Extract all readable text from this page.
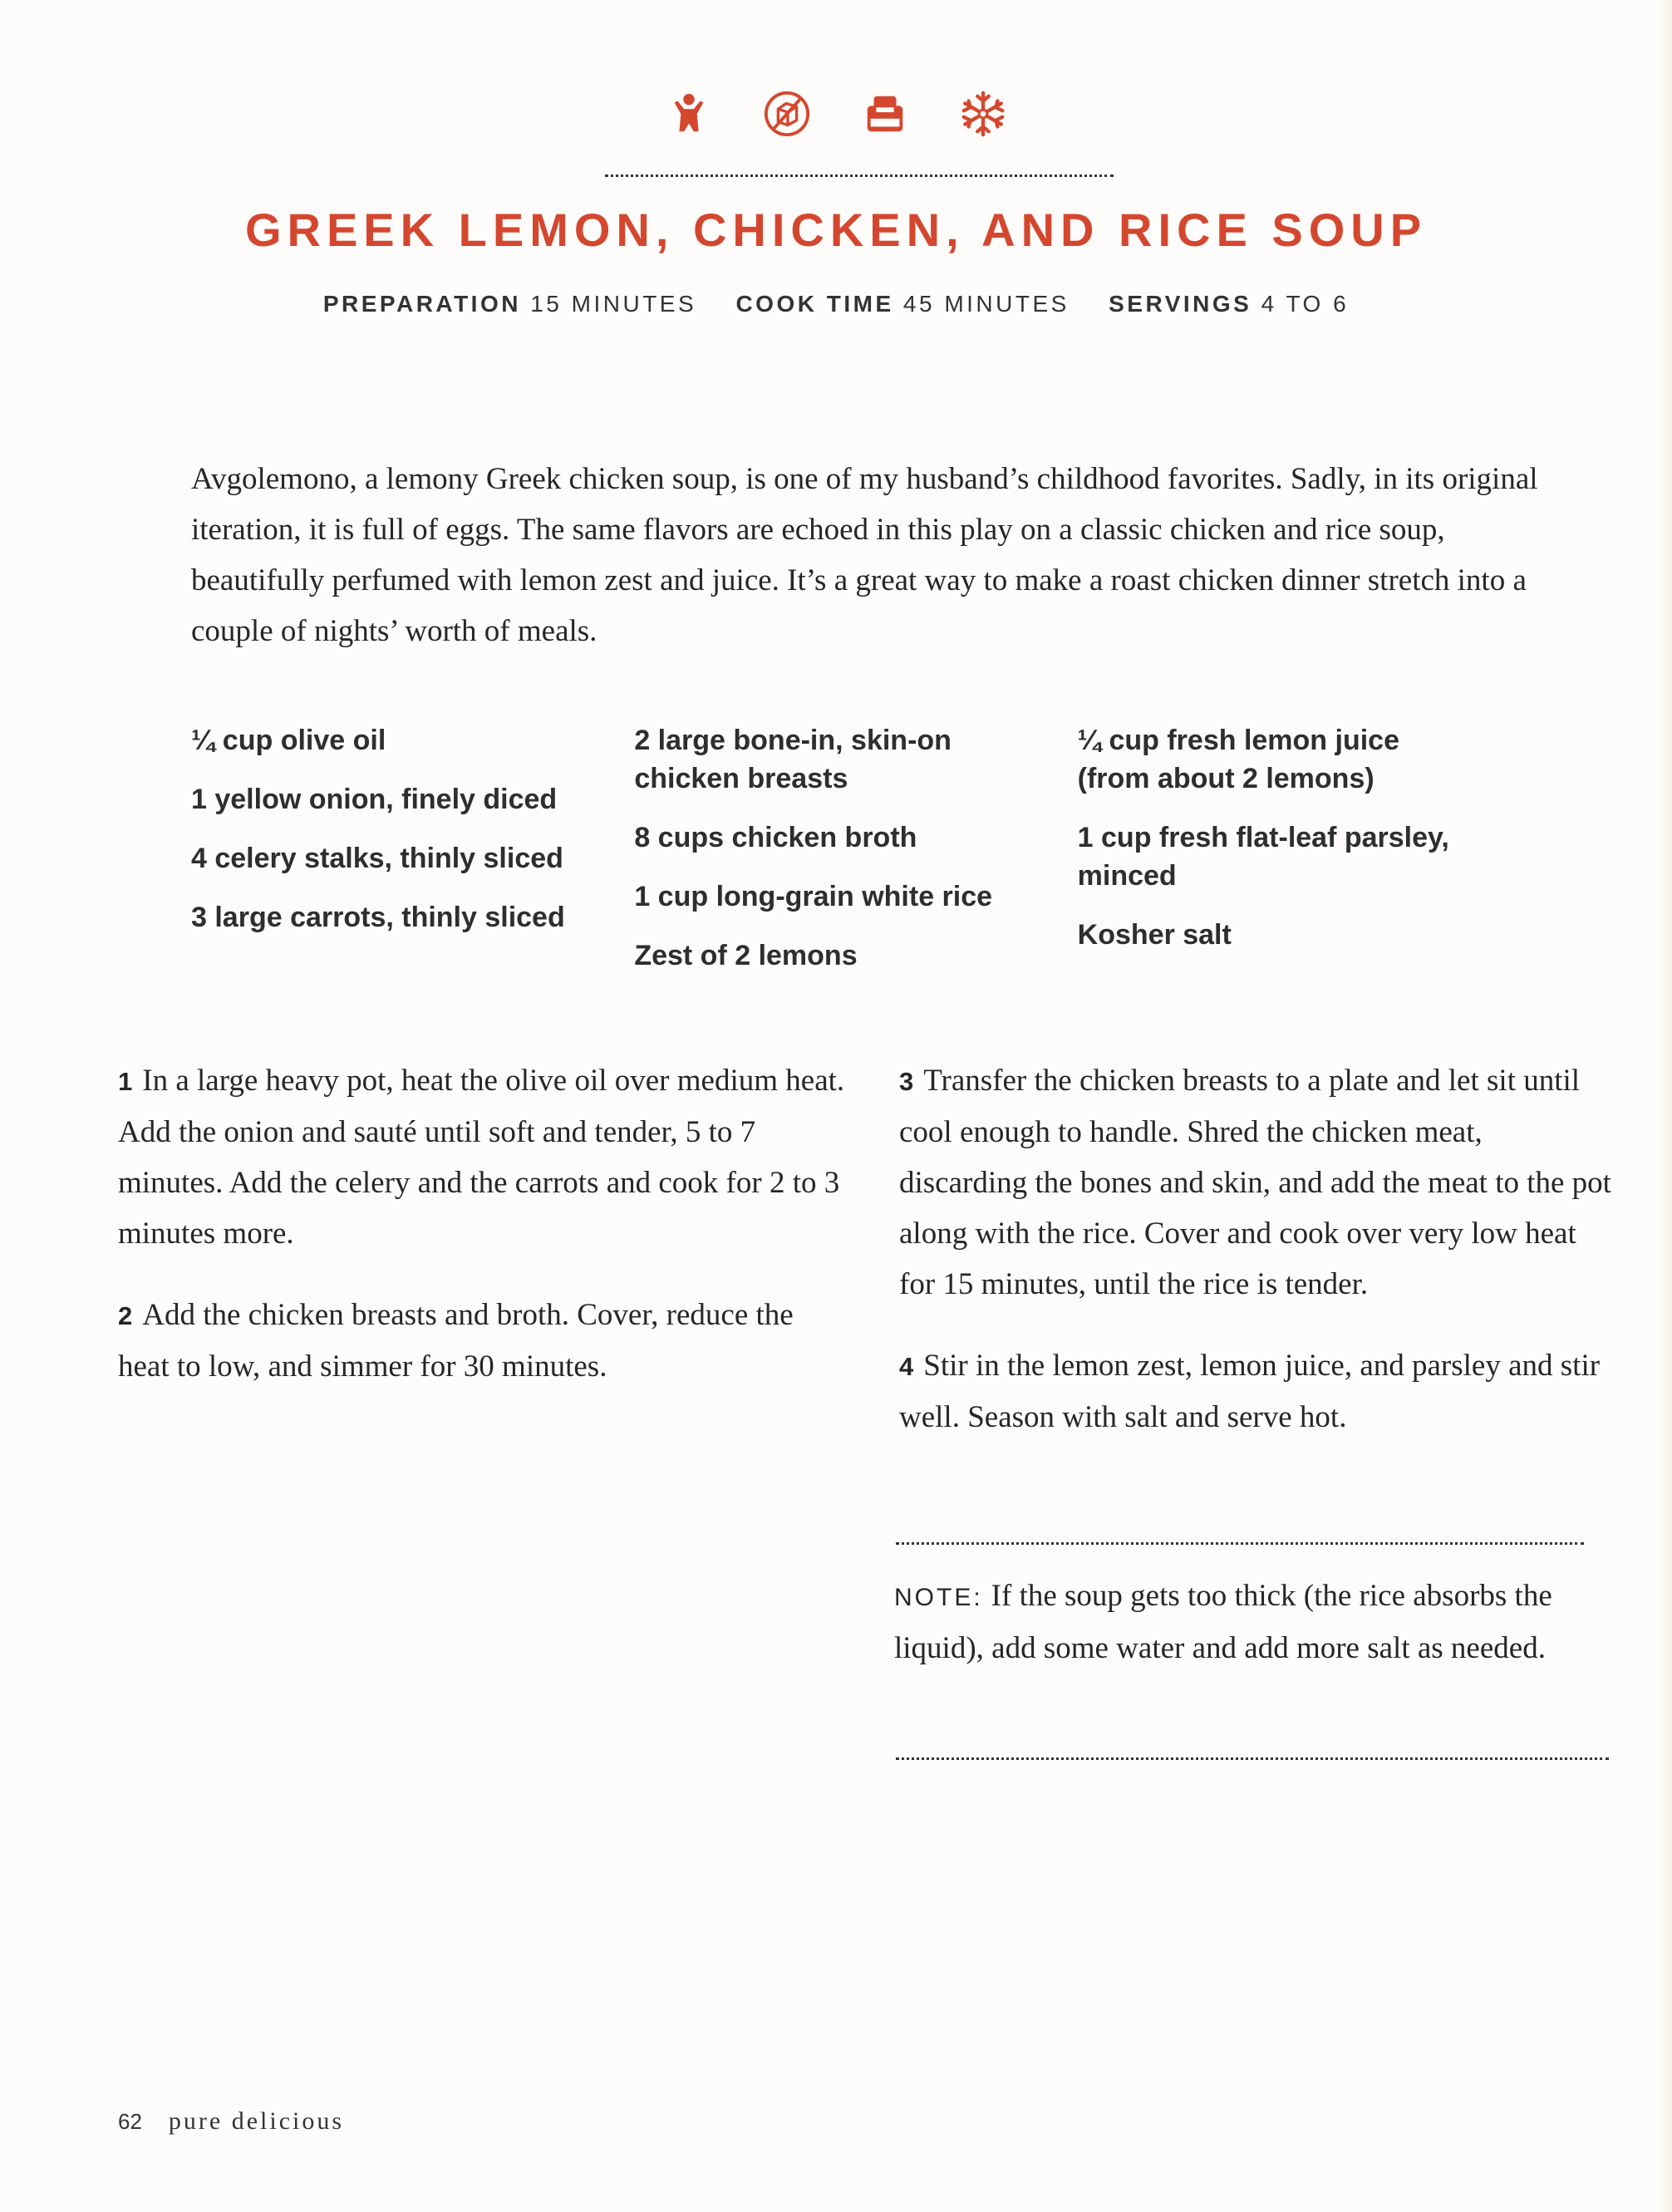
GREEK LEMON, CHICKEN, AND RICE SOUP
PREPARATION 15 MINUTES COOK TIME 45 MINUTES SERVINGS 4 TO 6

Avgolemono, a lemony Greek chicken soup, is one of my husband’s childhood favorites. Sadly, in its original iteration, it is full of eggs. The same flavors are echoed in this play on a classic chicken and rice soup, beautifully perfumed with lemon zest and juice. It’s a great way to make a roast chicken dinner stretch into a couple of nights’ worth of meals.

¼ cup olive oil
1 yellow onion, finely diced
4 celery stalks, thinly sliced
3 large carrots, thinly sliced
2 large bone-in, skin-on chicken breasts
8 cups chicken broth
1 cup long-grain white rice
Zest of 2 lemons
¼ cup fresh lemon juice (from about 2 lemons)
1 cup fresh flat-leaf parsley, minced
Kosher salt

1 In a large heavy pot, heat the olive oil over medium heat. Add the onion and sauté until soft and tender, 5 to 7 minutes. Add the celery and the carrots and cook for 2 to 3 minutes more.

2 Add the chicken breasts and broth. Cover, reduce the heat to low, and simmer for 30 minutes.

3 Transfer the chicken breasts to a plate and let sit until cool enough to handle. Shred the chicken meat, discarding the bones and skin, and add the meat to the pot along with the rice. Cover and cook over very low heat for 15 minutes, until the rice is tender.

4 Stir in the lemon zest, lemon juice, and parsley and stir well. Season with salt and serve hot.

NOTE: If the soup gets too thick (the rice absorbs the liquid), add some water and add more salt as needed.
62 pure delicious
